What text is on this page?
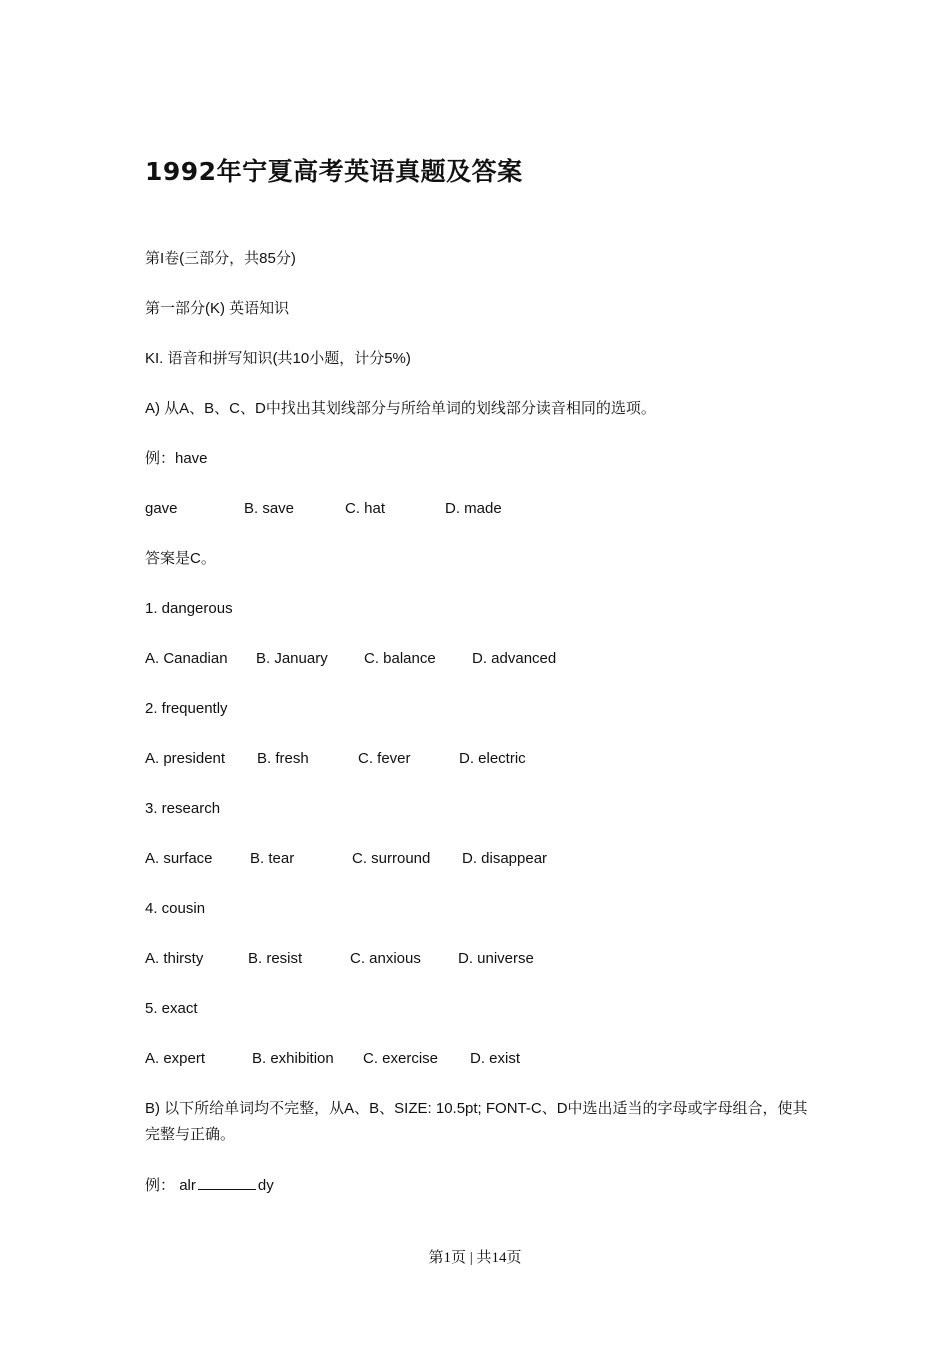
1992年宁夏高考英语真题及答案
第I卷(三部分，共85分)
第一部分(K) 英语知识
KI. 语音和拼写知识(共10小题，计分5%)
A) 从A、B、C、D中找出其划线部分与所给单词的划线部分读音相同的选项。
例：have
gave	B. save	C. hat	D. made
答案是C。
1. dangerous
A. Canadian B. January C. balance D. advanced
2. frequently
A. president B. fresh	C. fever	D. electric
3. research
A. surface B. tear	C. surround D. disappear
4. cousin
A. thirsty	B. resist	C. anxious D. universe
5. exact
A. expert	B. exhibition C. exercise D. exist
B) 以下所给单词均不完整，从A、B、SIZE: 10.5pt; FONT-C、D中选出适当的字母或字母组合，使其完整与正确。
例： alr	dy
第1页 | 共14页
